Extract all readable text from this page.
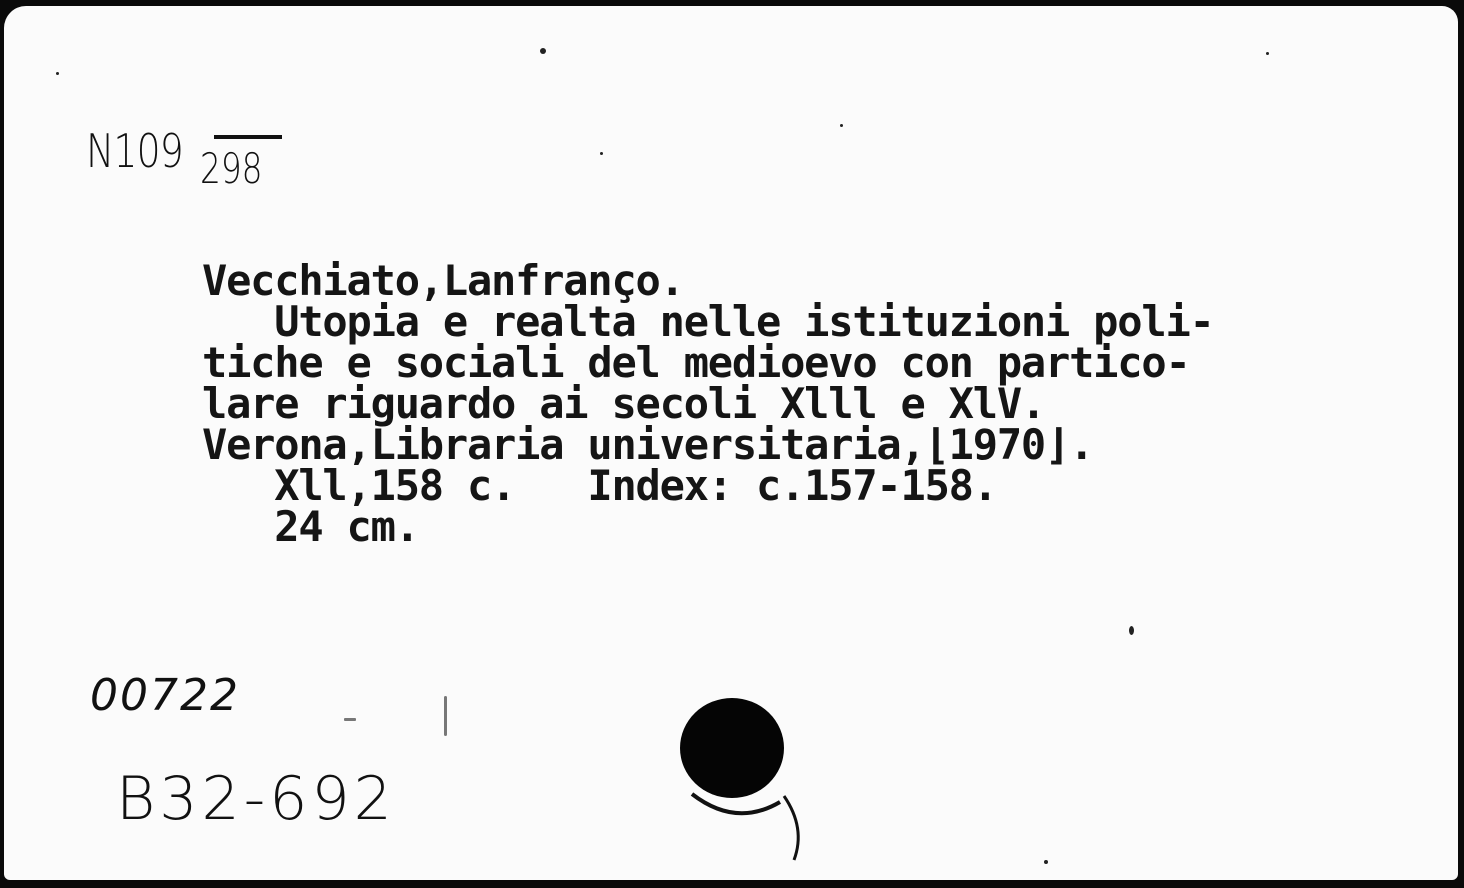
N109 298
Vecchiato,Lanfranço.
Utopia e realta nelle istituzioni poli-
tiche e sociali del medioevo con partico-
lare riguardo ai secoli Xlll e XlV.
Verona,Libraria universitaria,⌊1970⌋.
Xll,158 c.   Index: c.157-158.
24 cm.
00722
B32-692
